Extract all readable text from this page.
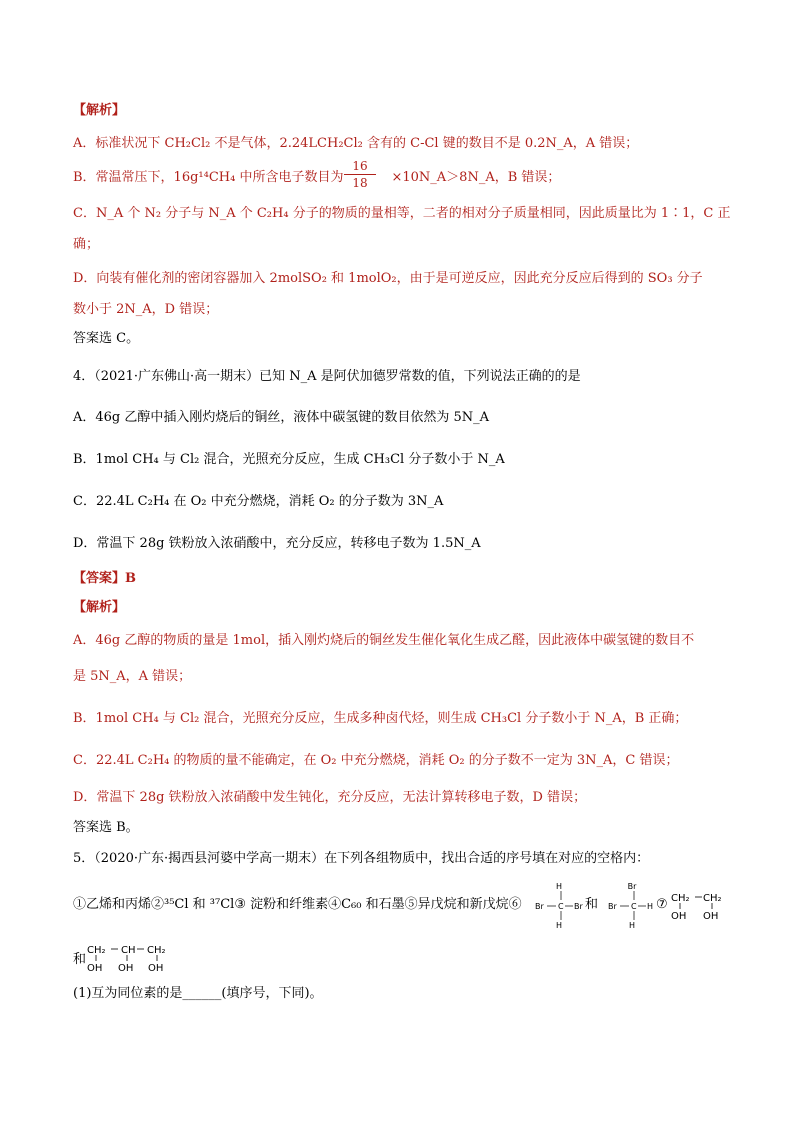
【解析】
A．标准状况下 CH₂Cl₂ 不是气体，2.24LCH₂Cl₂ 含有的 C-Cl 键的数目不是 0.2N_A，A 错误；
B．常温常压下，16g¹⁴CH₄ 中所含电子数目为	×10N_A＞8N_A，B 错误；
16
18
C．N_A 个 N₂ 分子与 N_A 个 C₂H₄ 分子的物质的量相等，二者的相对分子质量相同，因此质量比为 1∶1，C 正
确；
D．向装有催化剂的密闭容器加入 2molSO₂ 和 1molO₂，由于是可逆反应，因此充分反应后得到的 SO₃ 分子
数小于 2N_A，D 错误；
答案选 C。
4．（2021·广东佛山·高一期末）已知 N_A 是阿伏加德罗常数的值，下列说法正确的的是
A．46g 乙醇中插入刚灼烧后的铜丝，液体中碳氢键的数目依然为 5N_A
B．1mol CH₄ 与 Cl₂ 混合，光照充分反应，生成 CH₃Cl 分子数小于 N_A
C．22.4L C₂H₄ 在 O₂ 中充分燃烧，消耗 O₂ 的分子数为 3N_A
D．常温下 28g 铁粉放入浓硝酸中，充分反应，转移电子数为 1.5N_A
【答案】B
【解析】
A．46g 乙醇的物质的量是 1mol，插入刚灼烧后的铜丝发生催化氧化生成乙醛，因此液体中碳氢键的数目不
是 5N_A，A 错误；
B．1mol CH₄ 与 Cl₂ 混合，光照充分反应，生成多种卤代烃，则生成 CH₃Cl 分子数小于 N_A，B 正确；
C．22.4L C₂H₄ 的物质的量不能确定，在 O₂ 中充分燃烧，消耗 O₂ 的分子数不一定为 3N_A，C 错误；
D．常温下 28g 铁粉放入浓硝酸中发生钝化，充分反应，无法计算转移电子数，D 错误；
答案选 B。
5．（2020·广东·揭西县河婆中学高一期末）在下列各组物质中，找出合适的序号填在对应的空格内：
①乙烯和丙烯②³⁵Cl 和 ³⁷Cl③ 淀粉和纤维素④C₆₀ 和石墨⑤异戊烷和新戊烷⑥
H
Br C Br
H
和
Br
Br C H
H
⑦ CH₂ CH₂
OH OH
和
CH₂ CH CH₂
OH OH OH
(1)互为同位素的是______(填序号，下同)。
